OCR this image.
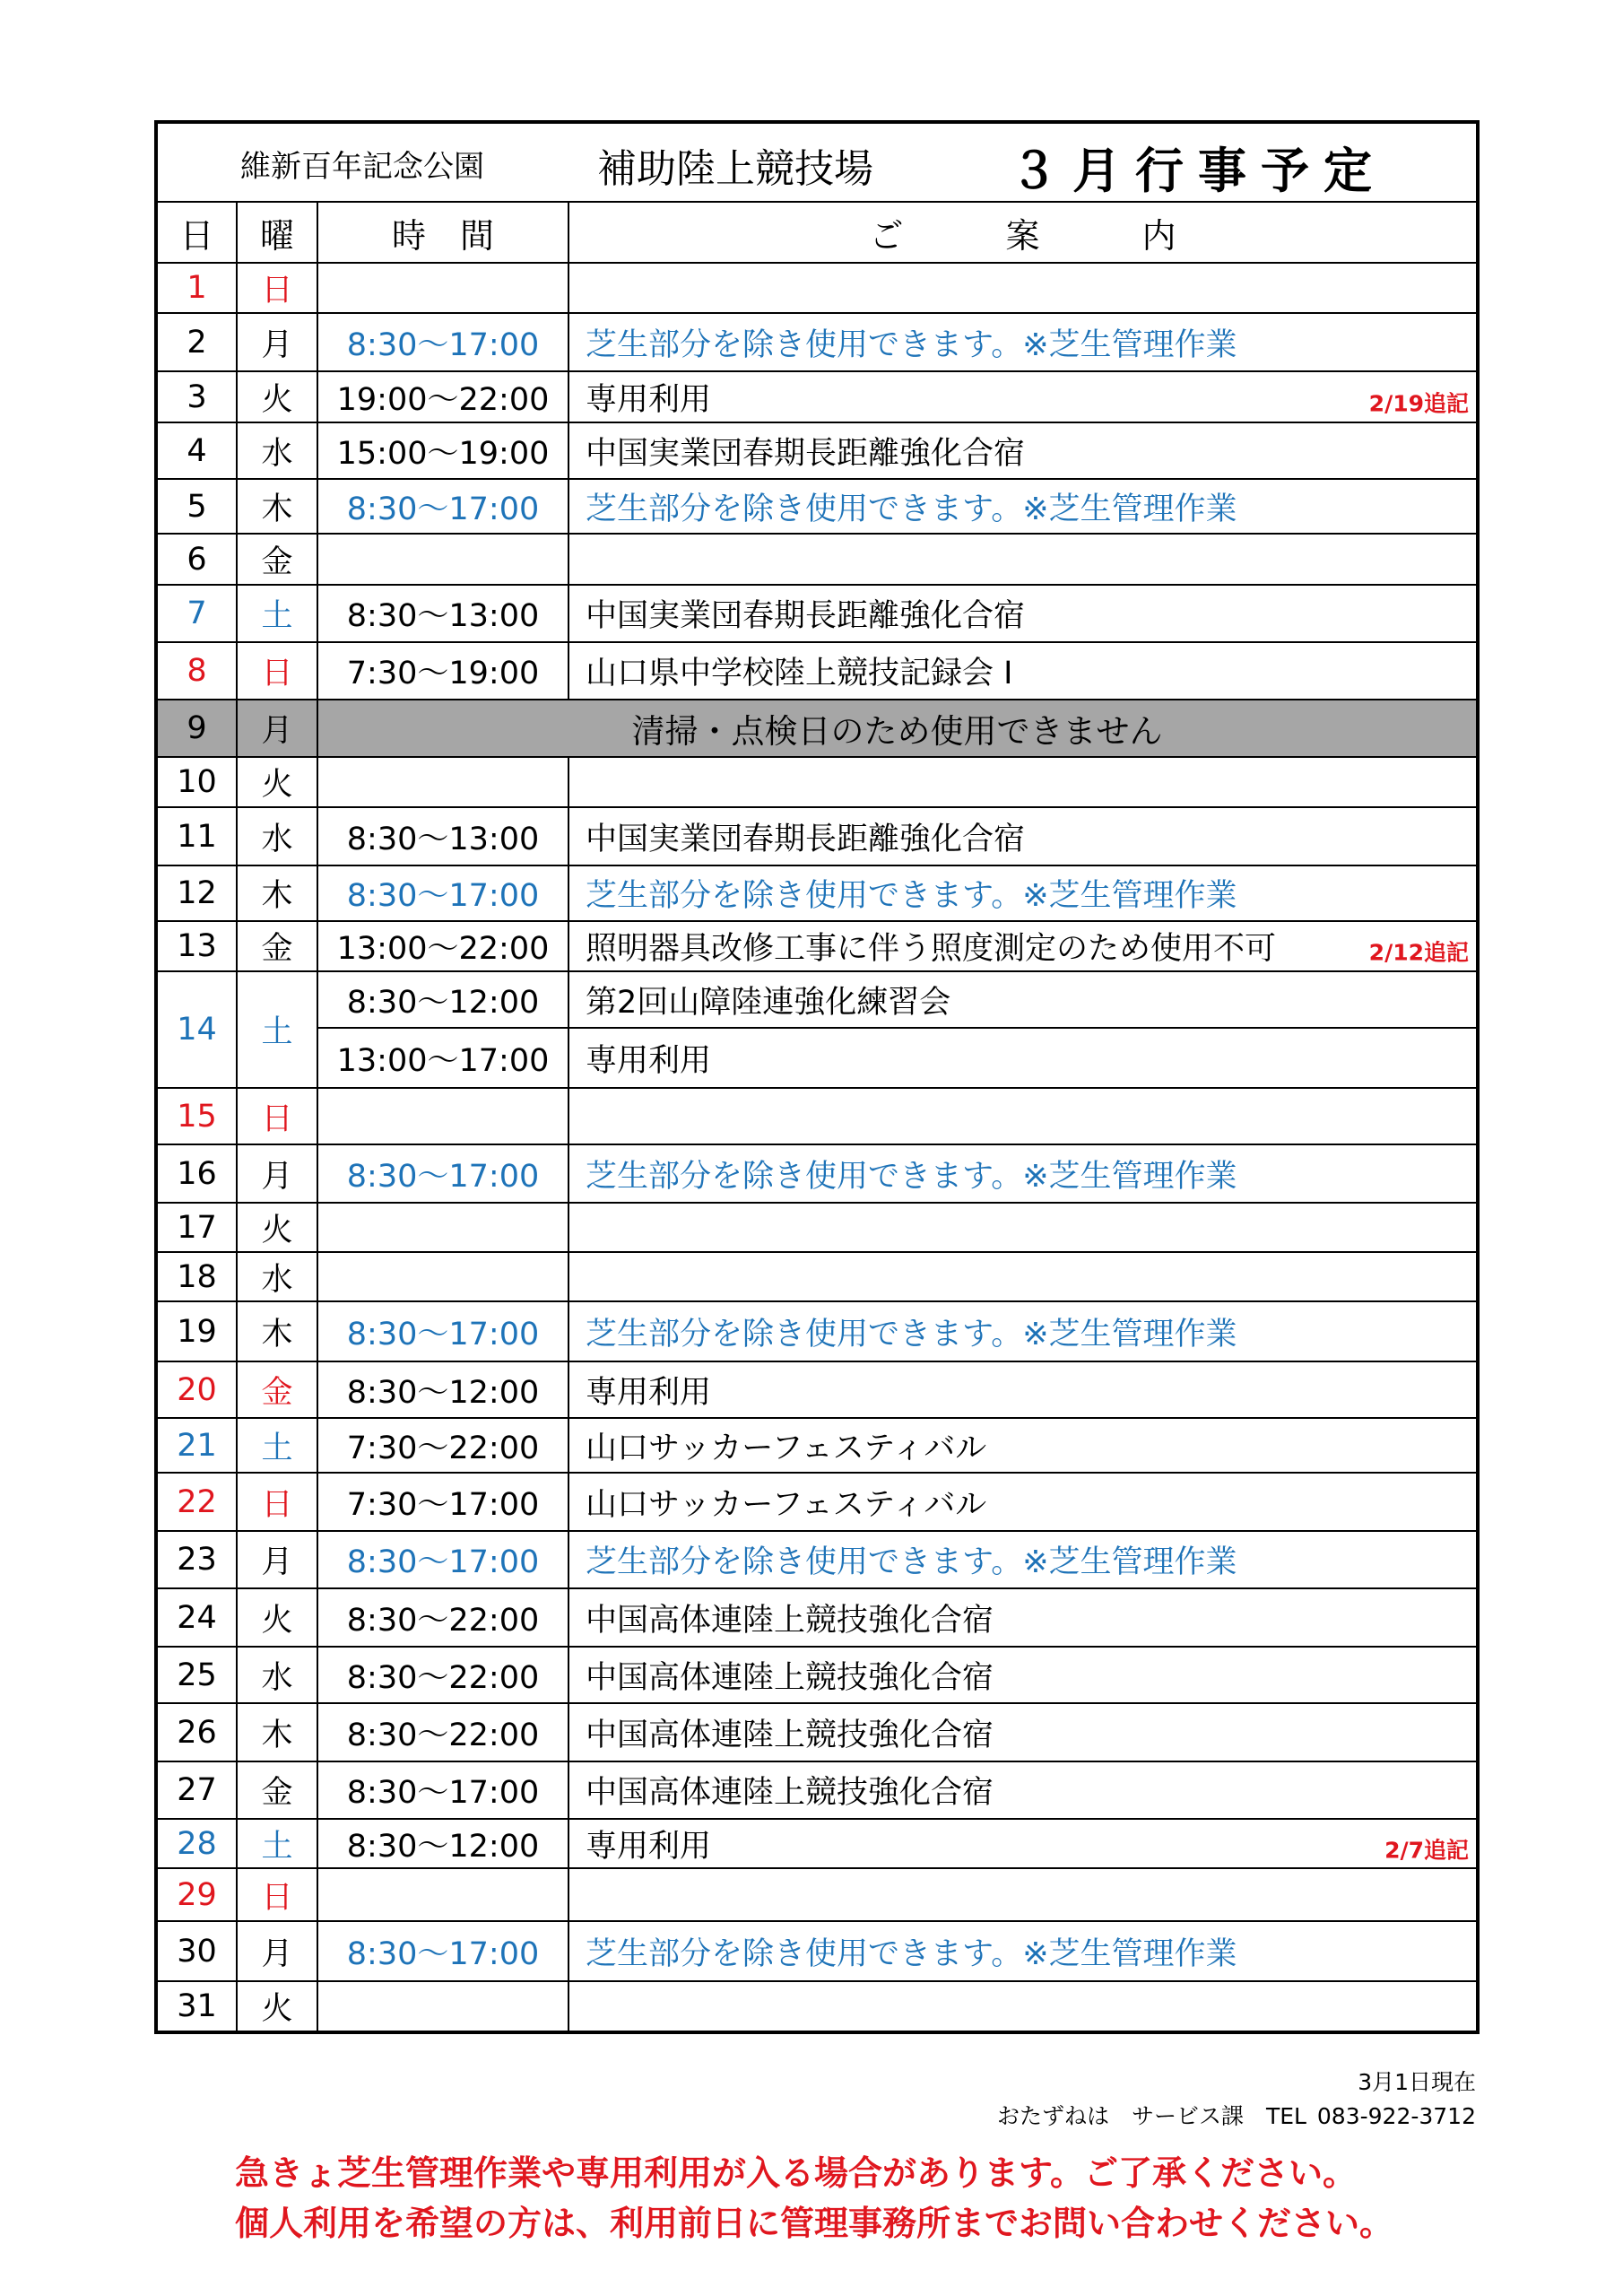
維新百年記念公園 補助陸上競技場 ３月行事予定			

日	曜	時　間	ご　　　案　　　内
1	日		
2	月	8:30～17:00	芝生部分を除き使用できます。※芝生管理作業
3	火	19:00～22:00	専用利用 2/19追記

4	水	15:00～19:00	中国実業団春期長距離強化合宿
5	木	8:30～17:00	芝生部分を除き使用できます。※芝生管理作業
6	金		
7	土	8:30～13:00	中国実業団春期長距離強化合宿
8	日	7:30～19:00	山口県中学校陸上競技記録会 Ⅰ
9	月	清掃・点検日のため使用できません	
10	火		
11	水	8:30～13:00	中国実業団春期長距離強化合宿
12	木	8:30～17:00	芝生部分を除き使用できます。※芝生管理作業
13	金	13:00～22:00	照明器具改修工事に伴う照度測定のため使用不可 2/12追記

14	土	8:30～12:00	第2回山障陸連強化練習会
		13:00～17:00	専用利用
15	日		
16	月	8:30～17:00	芝生部分を除き使用できます。※芝生管理作業
17	火		
18	水		
19	木	8:30～17:00	芝生部分を除き使用できます。※芝生管理作業
20	金	8:30～12:00	専用利用
21	土	7:30～22:00	山口サッカーフェスティバル
22	日	7:30～17:00	山口サッカーフェスティバル
23	月	8:30～17:00	芝生部分を除き使用できます。※芝生管理作業
24	火	8:30～22:00	中国高体連陸上競技強化合宿
25	水	8:30～22:00	中国高体連陸上競技強化合宿
26	木	8:30～22:00	中国高体連陸上競技強化合宿
27	金	8:30～17:00	中国高体連陸上競技強化合宿
28	土	8:30～12:00	専用利用 2/7追記

29	日		
30	月	8:30～17:00	芝生部分を除き使用できます。※芝生管理作業
31	火		
3月1日現在
おたずねは　サービス課　TEL 083-922-3712
急きょ芝生管理作業や専用利用が入る場合があります。ご了承ください。
個人利用を希望の方は、利用前日に管理事務所までお問い合わせください。
